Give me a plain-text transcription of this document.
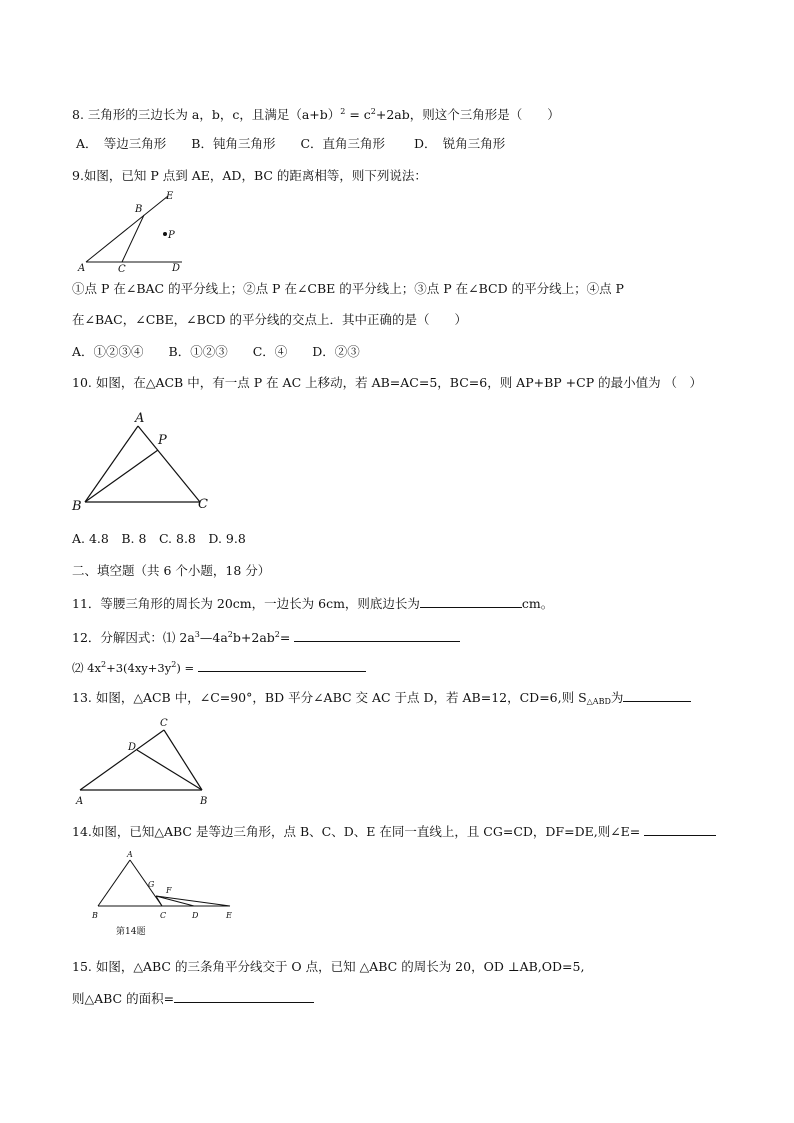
8. 三角形的三边长为 a，b，c，且满足$(a+b)^2 = c^2+2ab$，则这个三角形是（　　）
A．　等边三角形　　B．钝角三角形　　C．直角三角形　　 D．　锐角三角形
9.如图，已知 P 点到 AE，AD，BC 的距离相等，则下列说法：
A	C	D
B
E
P
①点 P 在∠BAC 的平分线上；②点 P 在∠CBE 的平分线上；③点 P 在∠BCD 的平分线上；④点 P
在∠BAC，∠CBE，∠BCD 的平分线的交点上．其中正确的是（　　）
A．①②③④　　B．①②③　　C．④　　D．②③
10. 如图，在△ACB 中，有一点 P 在 AC 上移动，若 AB=AC=5，BC=6，则 AP+BP +CP 的最小值为 （　）
A
P
B	C
A. 4.8　B. 8　C. 8.8　D. 9.8
二、填空题（共 6 个小题，18 分）
11．等腰三角形的周长为 20cm，一边长为 6cm，则底边长为	cm。
12．分解因式：⑴ $2a^3—4a^2b+2ab^2=$
⑵ $4x^2+3(4xy+3y^2)$ =
13. 如图，△ACB 中，∠C=90°，BD 平分∠ABC 交 AC 于点 D，若 AB=12，CD=6,则 $S_{\triangle ABD}$为
C
D
A	B
14.如图，已知△ABC 是等边三角形，点 B、C、D、E 在同一直线上，且 CG=CD，DF=DE,则∠E=
A
G
F
B	C	D	E
第14题
15. 如图，△ABC 的三条角平分线交于 O 点，已知 △ABC 的周长为 20，OD ⊥AB,OD=5,
则△ABC 的面积=
